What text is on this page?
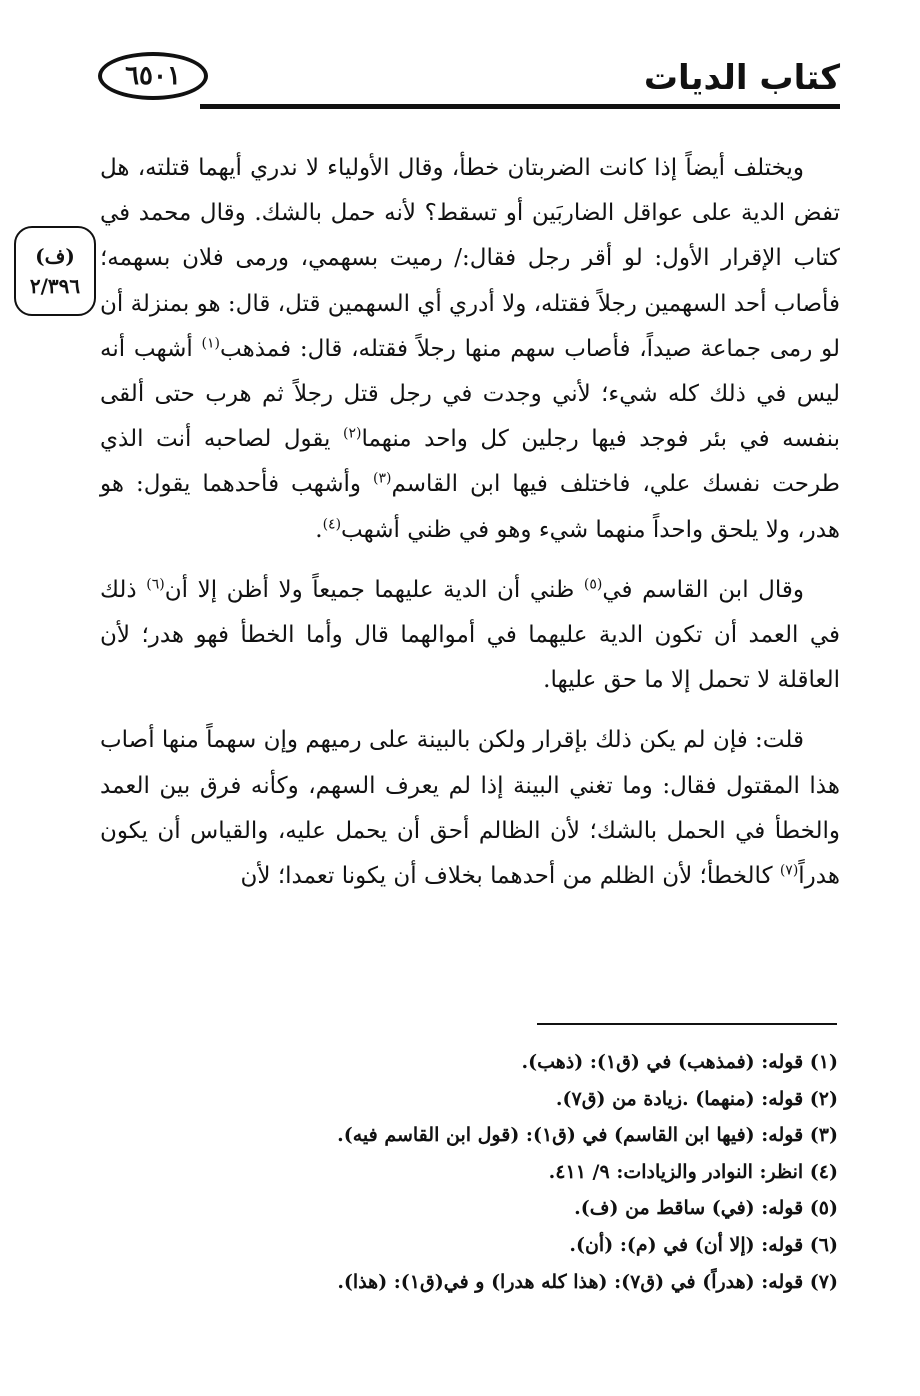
٦٥٠١	كتاب الديات
(ف)
٢/٣٩٦

ويختلف أيضاً إذا كانت الضربتان خطأ، وقال الأولياء لا ندري أيهما قتلته، هل تفض الدية على عواقل الضاربَين أو تسقط؟ لأنه حمل بالشك. وقال محمد في كتاب الإقرار الأول: لو أقر رجل فقال:/ رميت بسهمي، ورمى فلان بسهمه؛ فأصاب أحد السهمين رجلاً فقتله، ولا أدري أي السهمين قتل، قال: هو بمنزلة أن لو رمى جماعة صيداً، فأصاب سهم منها رجلاً فقتله، قال: فمذهب$^{(١)}$ أشهب أنه ليس في ذلك كله شيء؛ لأني وجدت في رجل قتل رجلاً ثم هرب حتى ألقى بنفسه في بئر فوجد فيها رجلين كل واحد منهما$^{(٢)}$ يقول لصاحبه أنت الذي طرحت نفسك علي، فاختلف فيها ابن القاسم$^{(٣)}$ وأشهب فأحدهما يقول: هو هدر، ولا يلحق واحداً منهما شيء وهو في ظني أشهب$^{(٤)}$.

وقال ابن القاسم في$^{(٥)}$ ظني أن الدية عليهما جميعاً ولا أظن إلا أن$^{(٦)}$ ذلك في العمد أن تكون الدية عليهما في أموالهما قال وأما الخطأ فهو هدر؛ لأن العاقلة لا تحمل إلا ما حق عليها.

قلت: فإن لم يكن ذلك بإقرار ولكن بالبينة على رميهم وإن سهماً منها أصاب هذا المقتول فقال: وما تغني البينة إذا لم يعرف السهم، وكأنه فرق بين العمد والخطأ في الحمل بالشك؛ لأن الظالم أحق أن يحمل عليه، والقياس أن يكون هدراً$^{(٧)}$ كالخطأ؛ لأن الظلم من أحدهما بخلاف أن يكونا تعمدا؛ لأن

(١) قوله: (فمذهب) في (ق١): (ذهب).
(٢) قوله: (منهما) .زيادة من (ق٧).
(٣) قوله: (فيها ابن القاسم) في (ق١): (قول ابن القاسم فيه).
(٤) انظر: النوادر والزيادات: ٩/ ٤١١.
(٥) قوله: (في) ساقط من (ف).
(٦) قوله: (إلا أن) في (م): (أن).
(٧) قوله: (هدراً) في (ق٧): (هذا كله هدرا) و في(ق١): (هذا).
